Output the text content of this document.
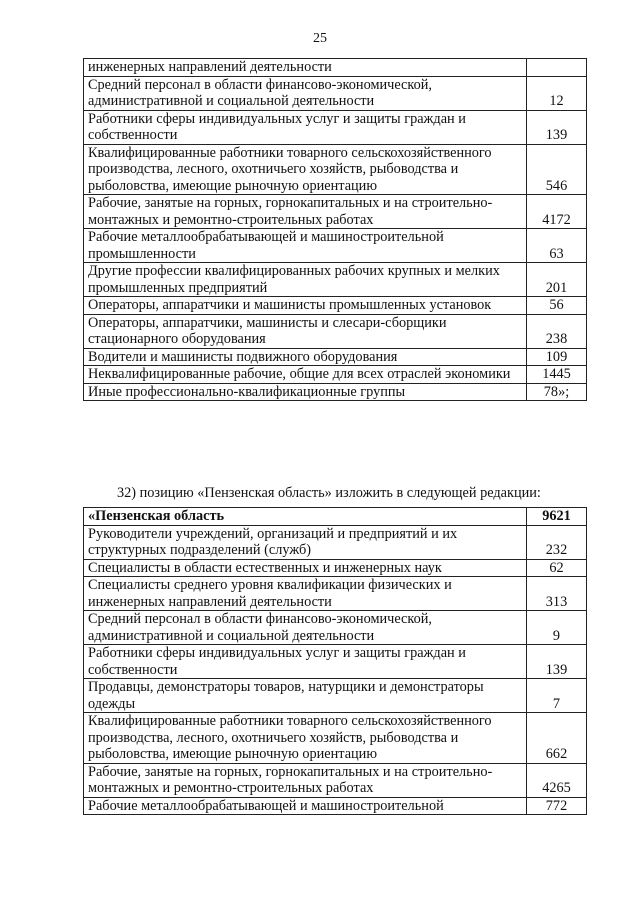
25
инженерных направлений деятельности	
Средний персонал в области финансово-экономической, административной и социальной деятельности	12
Работники сферы индивидуальных услуг и защиты граждан и собственности	139
Квалифицированные работники товарного сельскохозяйственного производства, лесного, охотничьего хозяйств, рыбоводства и рыболовства, имеющие рыночную ориентацию	546
Рабочие, занятые на горных, горнокапитальных и на строительно-монтажных и ремонтно-строительных работах	4172
Рабочие металлообрабатывающей и машиностроительной промышленности	63
Другие профессии квалифицированных рабочих крупных и мелких промышленных предприятий	201
Операторы, аппаратчики и машинисты промышленных установок	56
Операторы, аппаратчики, машинисты и слесари-сборщики стационарного оборудования	238
Водители и машинисты подвижного оборудования	109
Неквалифицированные рабочие, общие для всех отраслей экономики	1445
Иные профессионально-квалификационные группы	78»;
32) позицию «Пензенская область» изложить в следующей редакции:
«Пензенская область	9621
Руководители учреждений, организаций и предприятий и их структурных подразделений (служб)	232
Специалисты в области естественных и инженерных наук	62
Специалисты среднего уровня квалификации физических и инженерных направлений деятельности	313
Средний персонал в области финансово-экономической, административной и социальной деятельности	9
Работники сферы индивидуальных услуг и защиты граждан и собственности	139
Продавцы, демонстраторы товаров, натурщики и демонстраторы одежды	7
Квалифицированные работники товарного сельскохозяйственного производства, лесного, охотничьего хозяйств, рыбоводства и рыболовства, имеющие рыночную ориентацию	662
Рабочие, занятые на горных, горнокапитальных и на строительно-монтажных и ремонтно-строительных работах	4265
Рабочие металлообрабатывающей и машиностроительной	772
